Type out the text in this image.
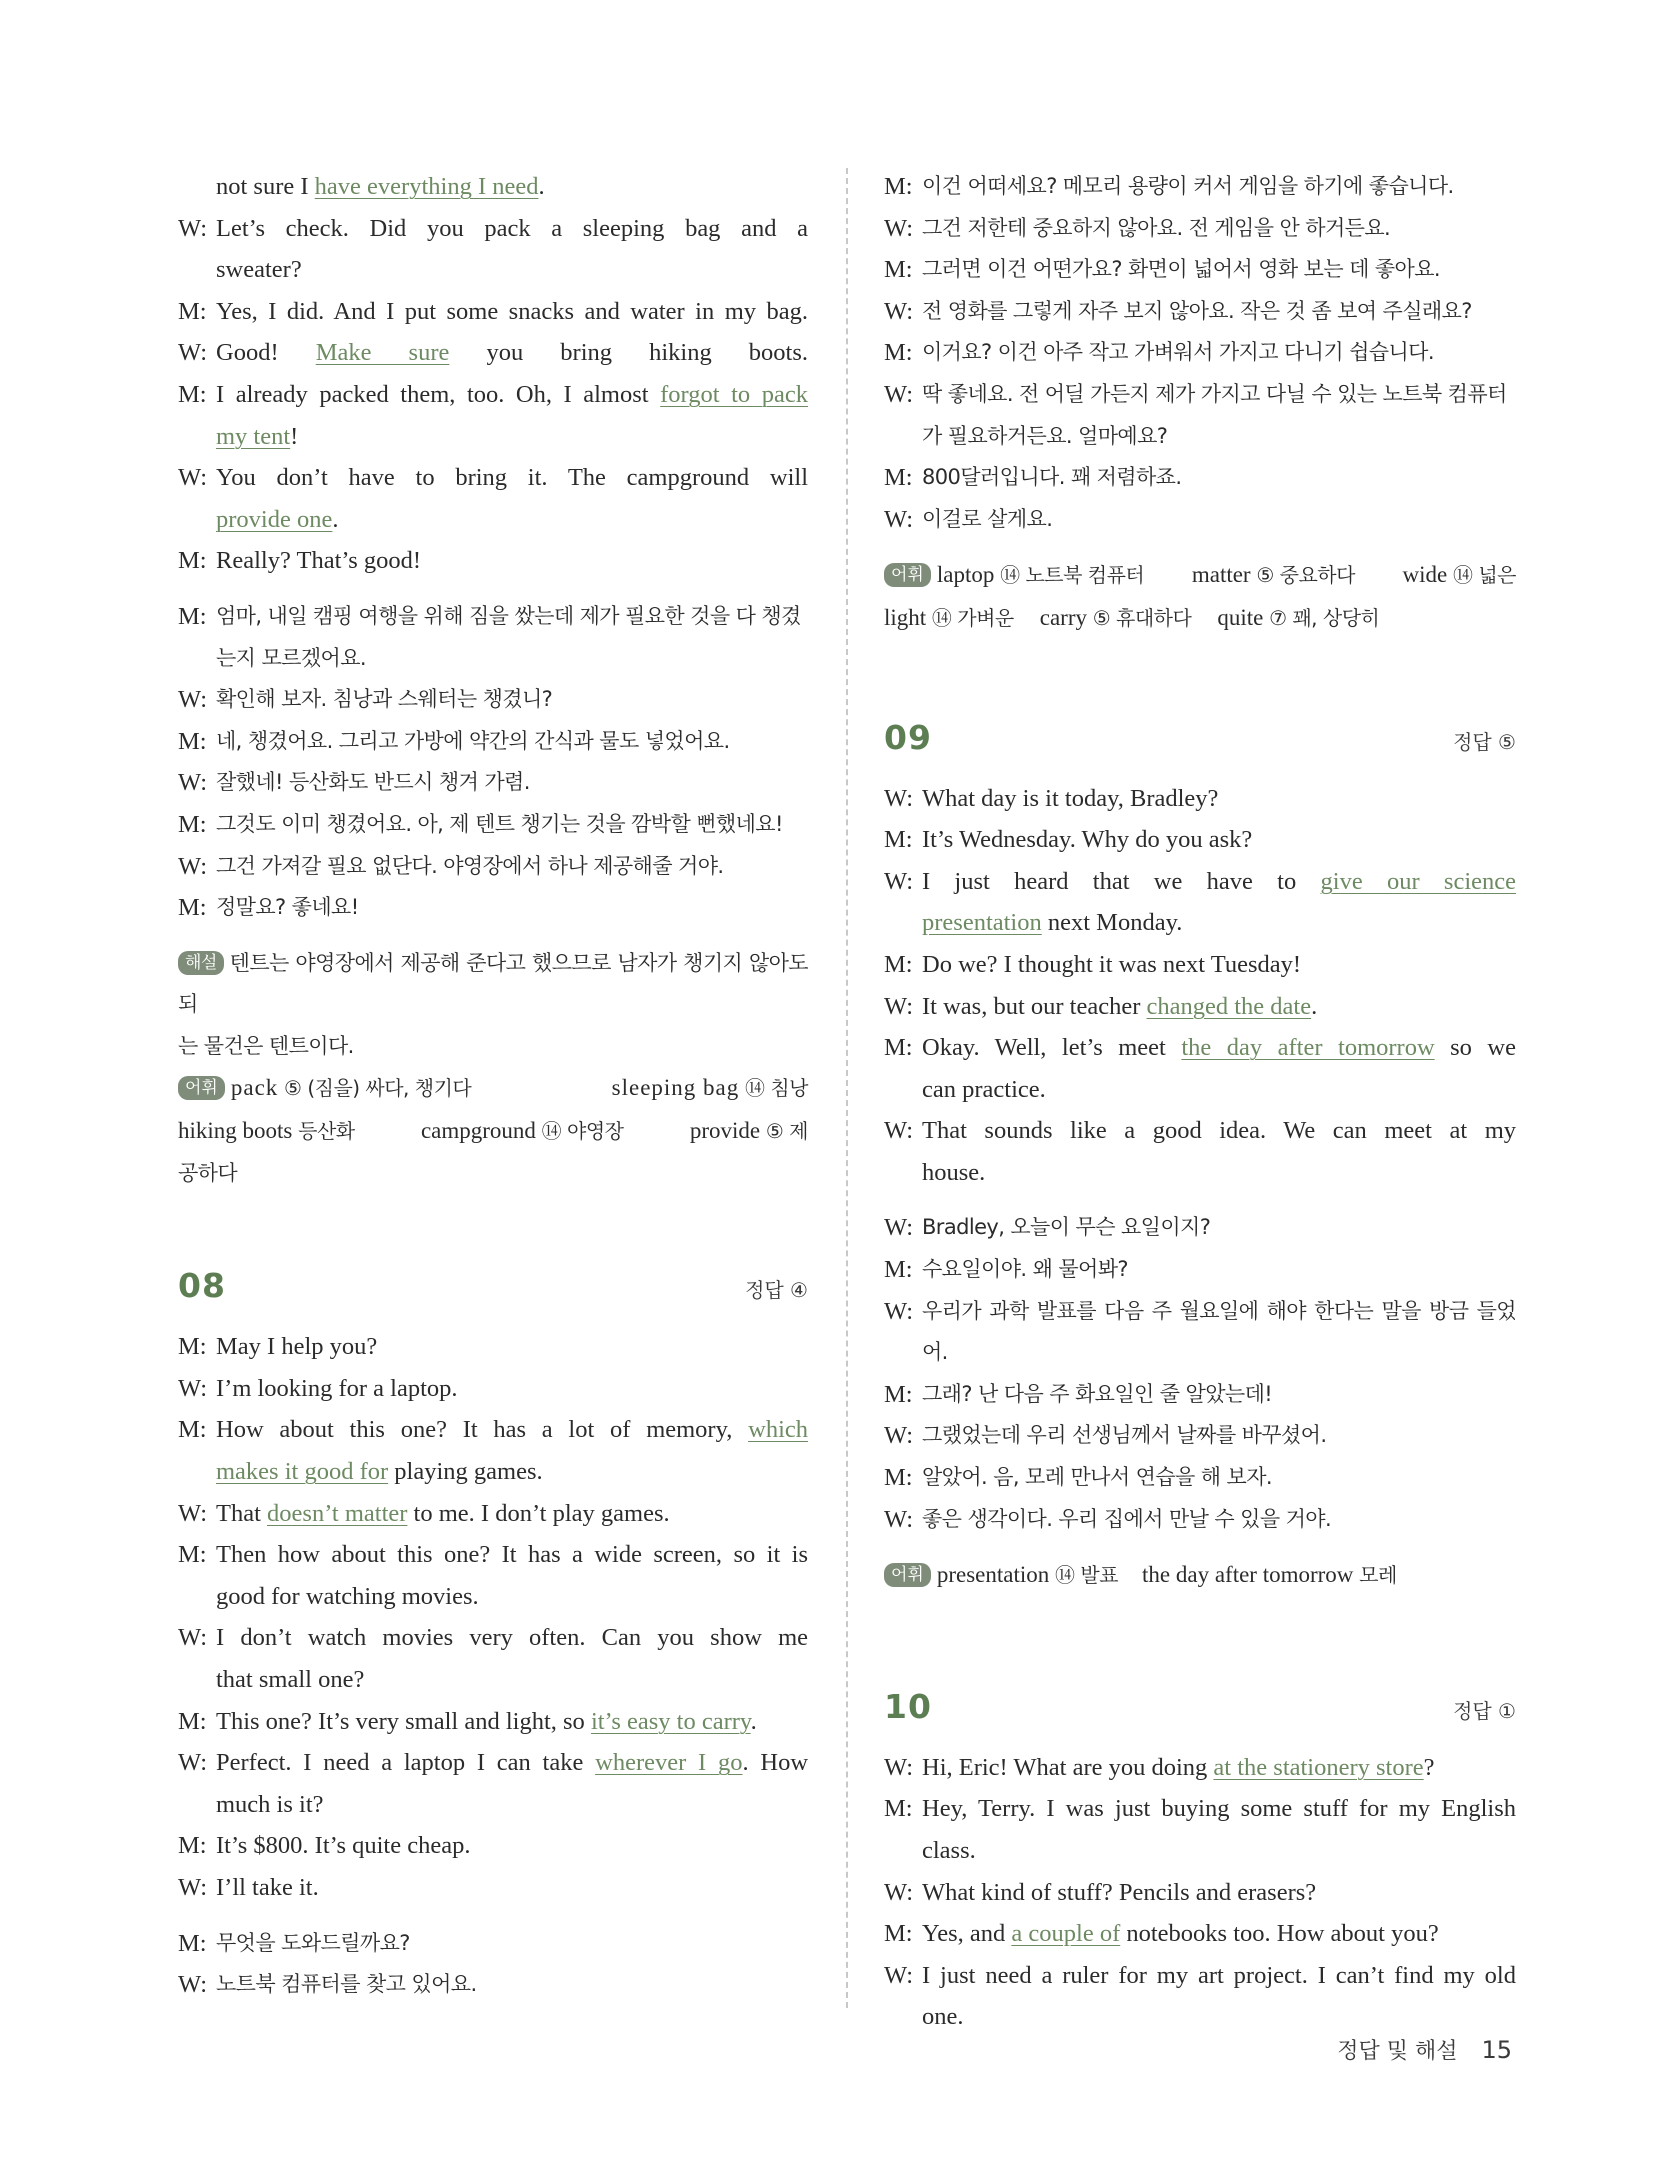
not sure I have everything I need.
W: Let’s check. Did you pack a sleeping bag and a
sweater?
M: Yes, I did. And I put some snacks and water in my bag.
W: Good! Make sure you bring hiking boots.
M: I already packed them, too. Oh, I almost forgot to pack
my tent!
W: You don’t have to bring it. The campground will
provide one.
M: Really? That’s good!
M: 엄마, 내일 캠핑 여행을 위해 짐을 쌌는데 제가 필요한 것을 다 챙겼
는지 모르겠어요.
W: 확인해 보자. 침낭과 스웨터는 챙겼니?
M: 네, 챙겼어요. 그리고 가방에 약간의 간식과 물도 넣었어요.
W: 잘했네! 등산화도 반드시 챙겨 가렴.
M: 그것도 이미 챙겼어요. 아, 제 텐트 챙기는 것을 깜박할 뻔했네요!
W: 그건 가져갈 필요 없단다. 야영장에서 하나 제공해줄 거야.
M: 정말요? 좋네요!
해설 텐트는 야영장에서 제공해 준다고 했으므로 남자가 챙기지 않아도 되
는 물건은 텐트이다.
어휘 pack ⑤ (짐을) 싸다, 챙기다	sleeping bag ⑭ 침낭
hiking boots 등산화	campground ⑭ 야영장	provide ⑤ 제
공하다
08	정답 ④
M: May I help you?
W: I’m looking for a laptop.
M: How about this one? It has a lot of memory, which
makes it good for playing games.
W: That doesn’t matter to me. I don’t play games.
M: Then how about this one? It has a wide screen, so it is
good for watching movies.
W: I don’t watch movies very often. Can you show me
that small one?
M: This one? It’s very small and light, so it’s easy to carry.
W: Perfect. I need a laptop I can take wherever I go. How
much is it?
M: It’s $800. It’s quite cheap.
W: I’ll take it.
M: 무엇을 도와드릴까요?
W: 노트북 컴퓨터를 찾고 있어요.
M: 이건 어떠세요? 메모리 용량이 커서 게임을 하기에 좋습니다.
W: 그건 저한테 중요하지 않아요. 전 게임을 안 하거든요.
M: 그러면 이건 어떤가요? 화면이 넓어서 영화 보는 데 좋아요.
W: 전 영화를 그렇게 자주 보지 않아요. 작은 것 좀 보여 주실래요?
M: 이거요? 이건 아주 작고 가벼워서 가지고 다니기 쉽습니다.
W: 딱 좋네요. 전 어딜 가든지 제가 가지고 다닐 수 있는 노트북 컴퓨터
가 필요하거든요. 얼마예요?
M: 800달러입니다. 꽤 저렴하죠.
W: 이걸로 살게요.
어휘 laptop ⑭ 노트북 컴퓨터 matter ⑤ 중요하다 wide ⑭ 넓은
light ⑭ 가벼운 carry ⑤ 휴대하다 quite ⑦ 꽤, 상당히
09	정답 ⑤
W: What day is it today, Bradley?
M: It’s Wednesday. Why do you ask?
W: I just heard that we have to give our science
presentation next Monday.
M: Do we? I thought it was next Tuesday!
W: It was, but our teacher changed the date.
M: Okay. Well, let’s meet the day after tomorrow so we
can practice.
W: That sounds like a good idea. We can meet at my
house.
W: Bradley, 오늘이 무슨 요일이지?
M: 수요일이야. 왜 물어봐?
W: 우리가 과학 발표를 다음 주 월요일에 해야 한다는 말을 방금 들었어.
M: 그래? 난 다음 주 화요일인 줄 알았는데!
W: 그랬었는데 우리 선생님께서 날짜를 바꾸셨어.
M: 알았어. 음, 모레 만나서 연습을 해 보자.
W: 좋은 생각이다. 우리 집에서 만날 수 있을 거야.
어휘 presentation ⑭ 발표 the day after tomorrow 모레
10	정답 ①
W: Hi, Eric! What are you doing at the stationery store?
M: Hey, Terry. I was just buying some stuff for my English
class.
W: What kind of stuff? Pencils and erasers?
M: Yes, and a couple of notebooks too. How about you?
W: I just need a ruler for my art project. I can’t find my old
one.
정답 및 해설 15
